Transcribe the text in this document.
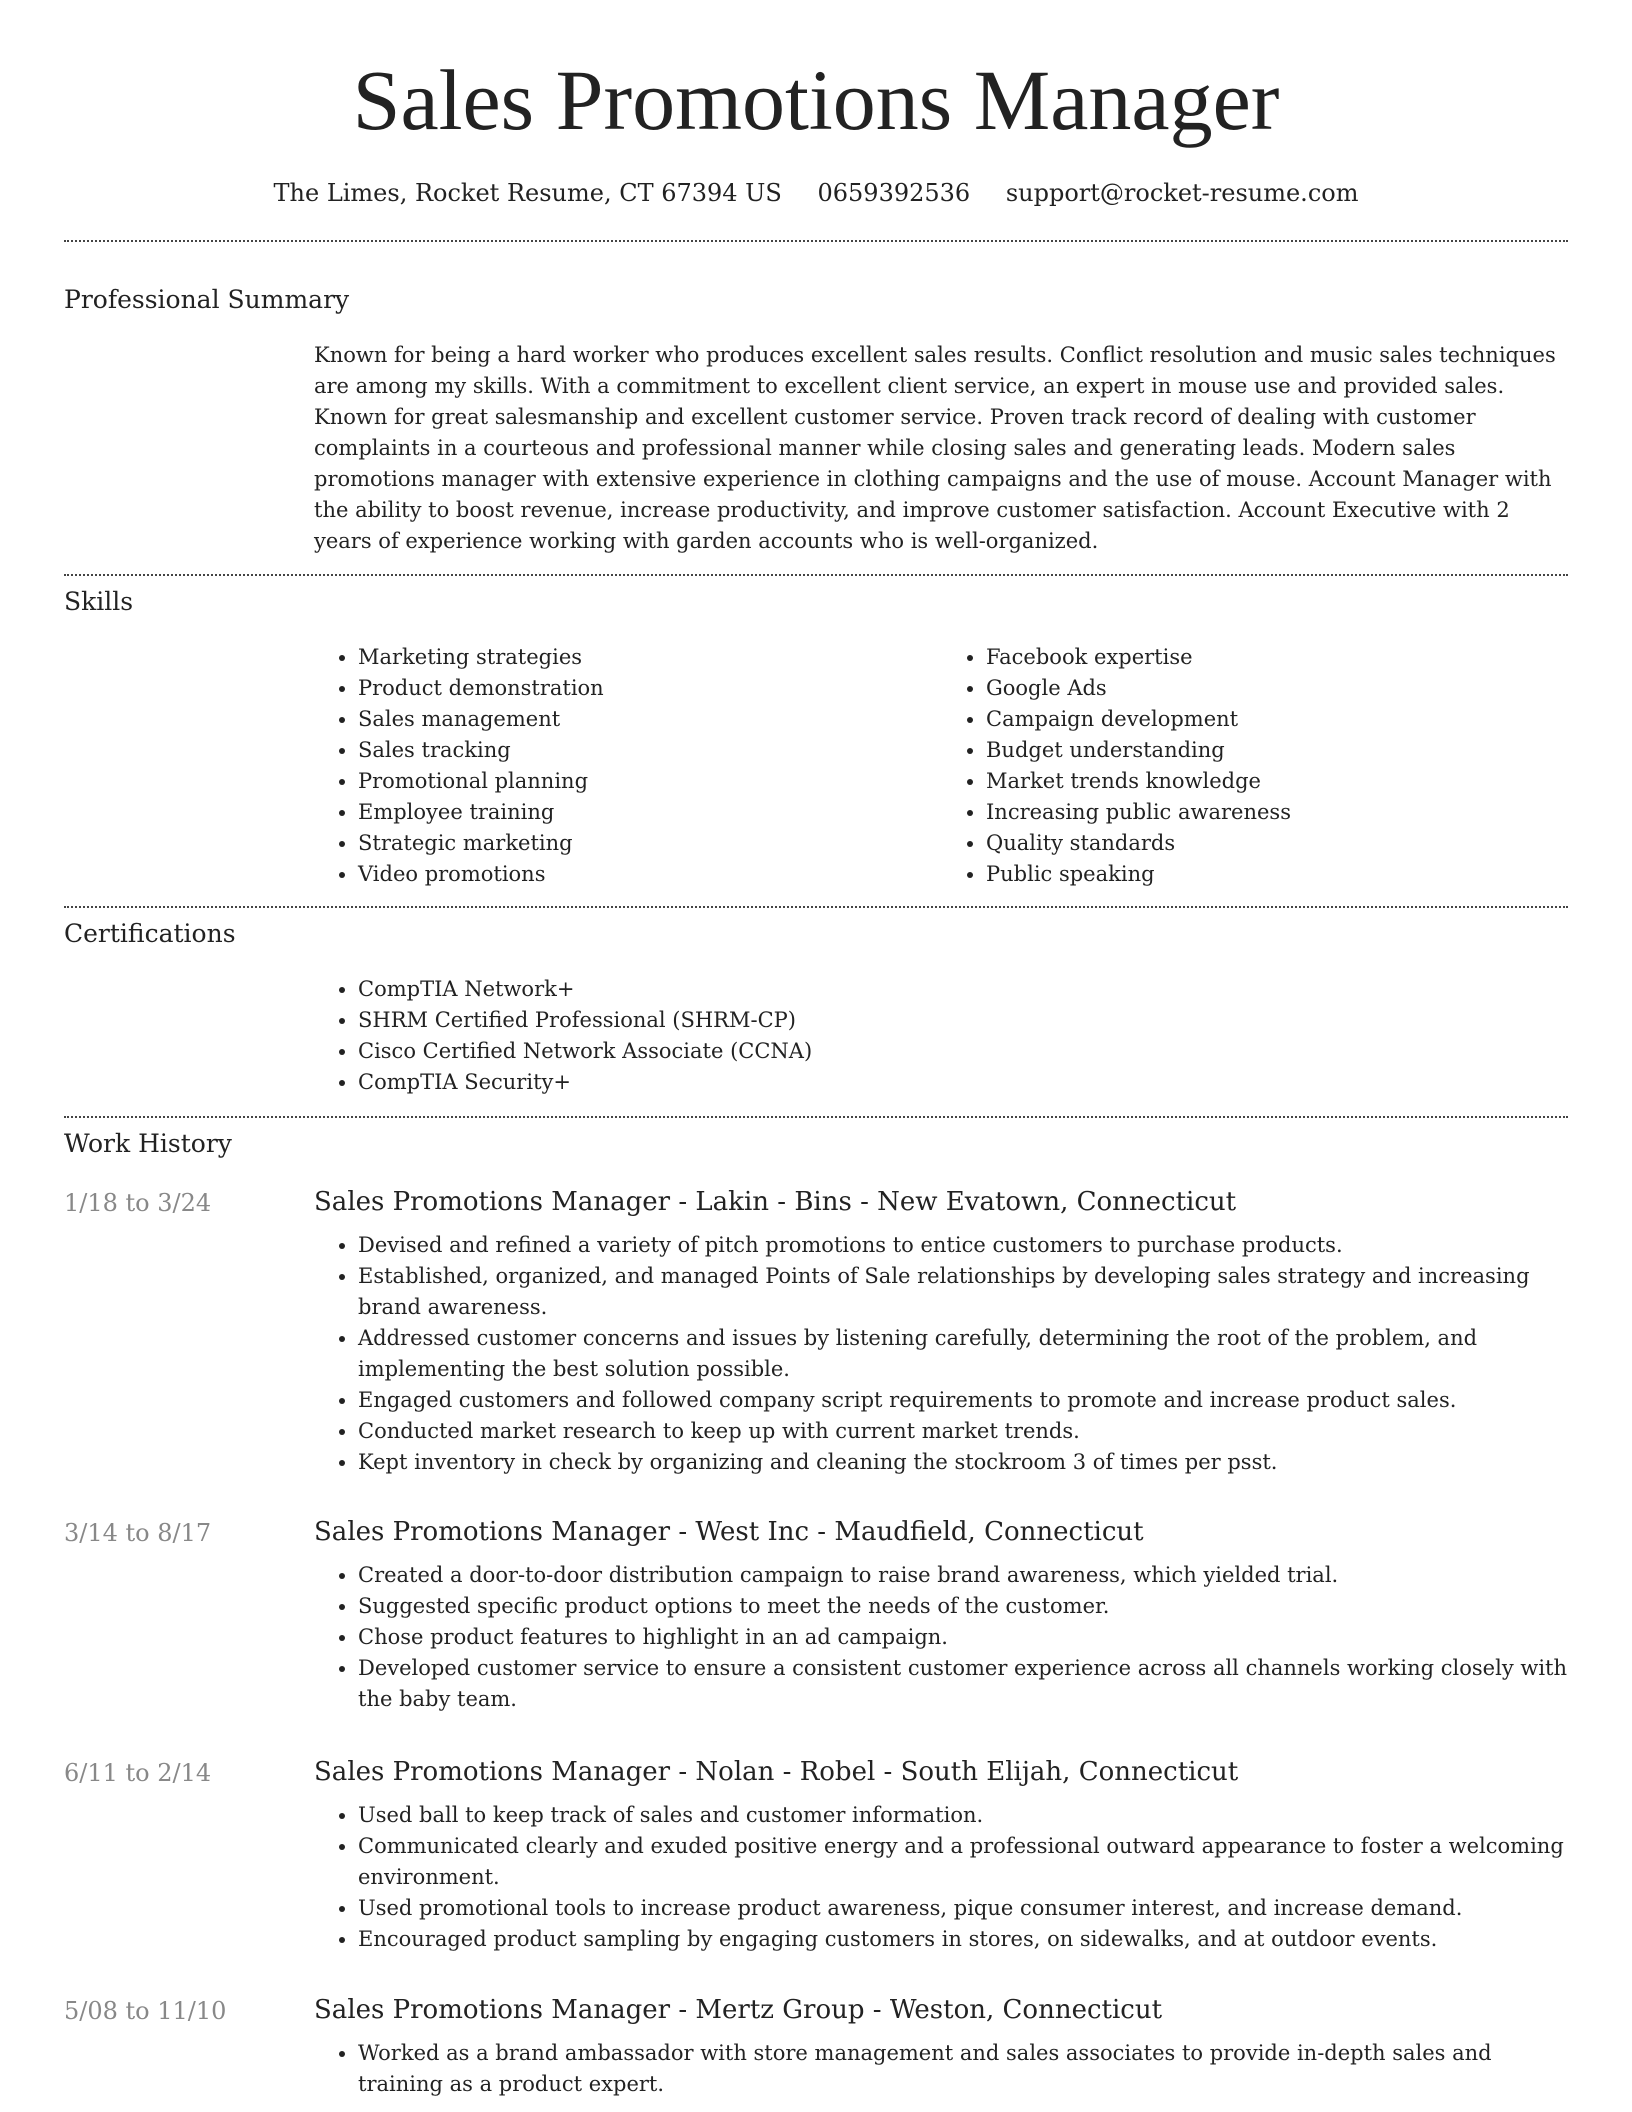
Sales Promotions Manager
The Limes, Rocket Resume, CT 67394 US 0659392536 support@rocket-resume.com
Professional Summary

Known for being a hard worker who produces excellent sales results. Conflict resolution and music sales techniques are among my skills. With a commitment to excellent client service, an expert in mouse use and provided sales. Known for great salesmanship and excellent customer service. Proven track record of dealing with customer complaints in a courteous and professional manner while closing sales and generating leads. Modern sales promotions manager with extensive experience in clothing campaigns and the use of mouse. Account Manager with the ability to boost revenue, increase productivity, and improve customer satisfaction. Account Executive with 2 years of experience working with garden accounts who is well-organized.

Skills
• Marketing strategies
• Product demonstration
• Sales management
• Sales tracking
• Promotional planning
• Employee training
• Strategic marketing
• Video promotions
• Facebook expertise
• Google Ads
• Campaign development
• Budget understanding
• Market trends knowledge
• Increasing public awareness
• Quality standards
• Public speaking
Certifications
• CompTIA Network+
• SHRM Certified Professional (SHRM-CP)
• Cisco Certified Network Associate (CCNA)
• CompTIA Security+
Work History
1/18 to 3/24	Sales Promotions Manager - Lakin - Bins - New Evatown, Connecticut
• Devised and refined a variety of pitch promotions to entice customers to purchase products.
• Established, organized, and managed Points of Sale relationships by developing sales strategy and increasing brand awareness.
• Addressed customer concerns and issues by listening carefully, determining the root of the problem, and implementing the best solution possible.
• Engaged customers and followed company script requirements to promote and increase product sales.
• Conducted market research to keep up with current market trends.
• Kept inventory in check by organizing and cleaning the stockroom 3 of times per psst.
3/14 to 8/17	Sales Promotions Manager - West Inc - Maudfield, Connecticut
• Created a door-to-door distribution campaign to raise brand awareness, which yielded trial.
• Suggested specific product options to meet the needs of the customer.
• Chose product features to highlight in an ad campaign.
• Developed customer service to ensure a consistent customer experience across all channels working closely with the baby team.
6/11 to 2/14	Sales Promotions Manager - Nolan - Robel - South Elijah, Connecticut
• Used ball to keep track of sales and customer information.
• Communicated clearly and exuded positive energy and a professional outward appearance to foster a welcoming environment.
• Used promotional tools to increase product awareness, pique consumer interest, and increase demand.
• Encouraged product sampling by engaging customers in stores, on sidewalks, and at outdoor events.
5/08 to 11/10	Sales Promotions Manager - Mertz Group - Weston, Connecticut
• Worked as a brand ambassador with store management and sales associates to provide in-depth sales and training as a product expert.
